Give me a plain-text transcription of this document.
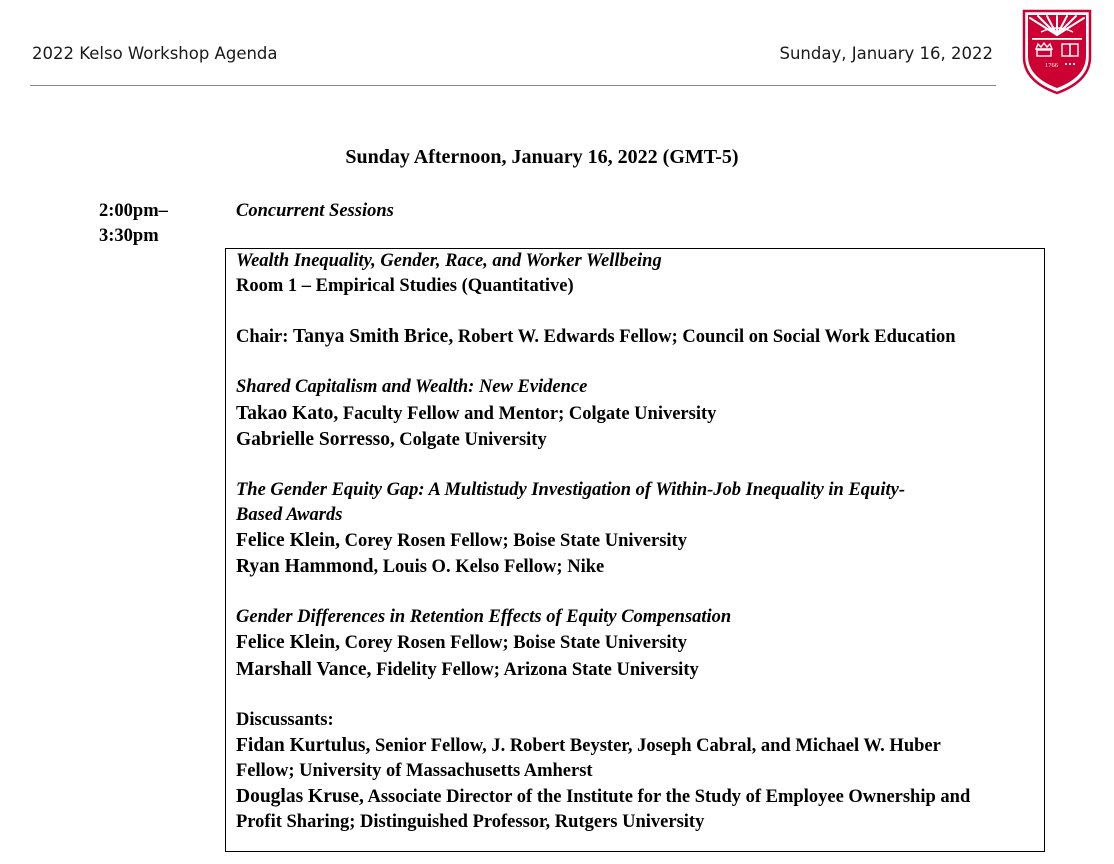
2022 Kelso Workshop Agenda	Sunday, January 16, 2022
1766
Sunday Afternoon, January 16, 2022 (GMT-5)
2:00pm–
3:30pm
Concurrent Sessions

Wealth Inequality, Gender, Race, and Worker Wellbeing

Room 1 – Empirical Studies (Quantitative)

Chair: Tanya Smith Brice, Robert W. Edwards Fellow; Council on Social Work Education

Shared Capitalism and Wealth: New Evidence

Takao Kato, Faculty Fellow and Mentor; Colgate University

Gabrielle Sorresso, Colgate University

The Gender Equity Gap: A Multistudy Investigation of Within-Job Inequality in Equity-
Based Awards

Felice Klein, Corey Rosen Fellow; Boise State University

Ryan Hammond, Louis O. Kelso Fellow; Nike

Gender Differences in Retention Effects of Equity Compensation

Felice Klein, Corey Rosen Fellow; Boise State University

Marshall Vance, Fidelity Fellow; Arizona State University

Discussants:

Fidan Kurtulus, Senior Fellow, J. Robert Beyster, Joseph Cabral, and Michael W. Huber
Fellow; University of Massachusetts Amherst

Douglas Kruse, Associate Director of the Institute for the Study of Employee Ownership and
Profit Sharing; Distinguished Professor, Rutgers University
